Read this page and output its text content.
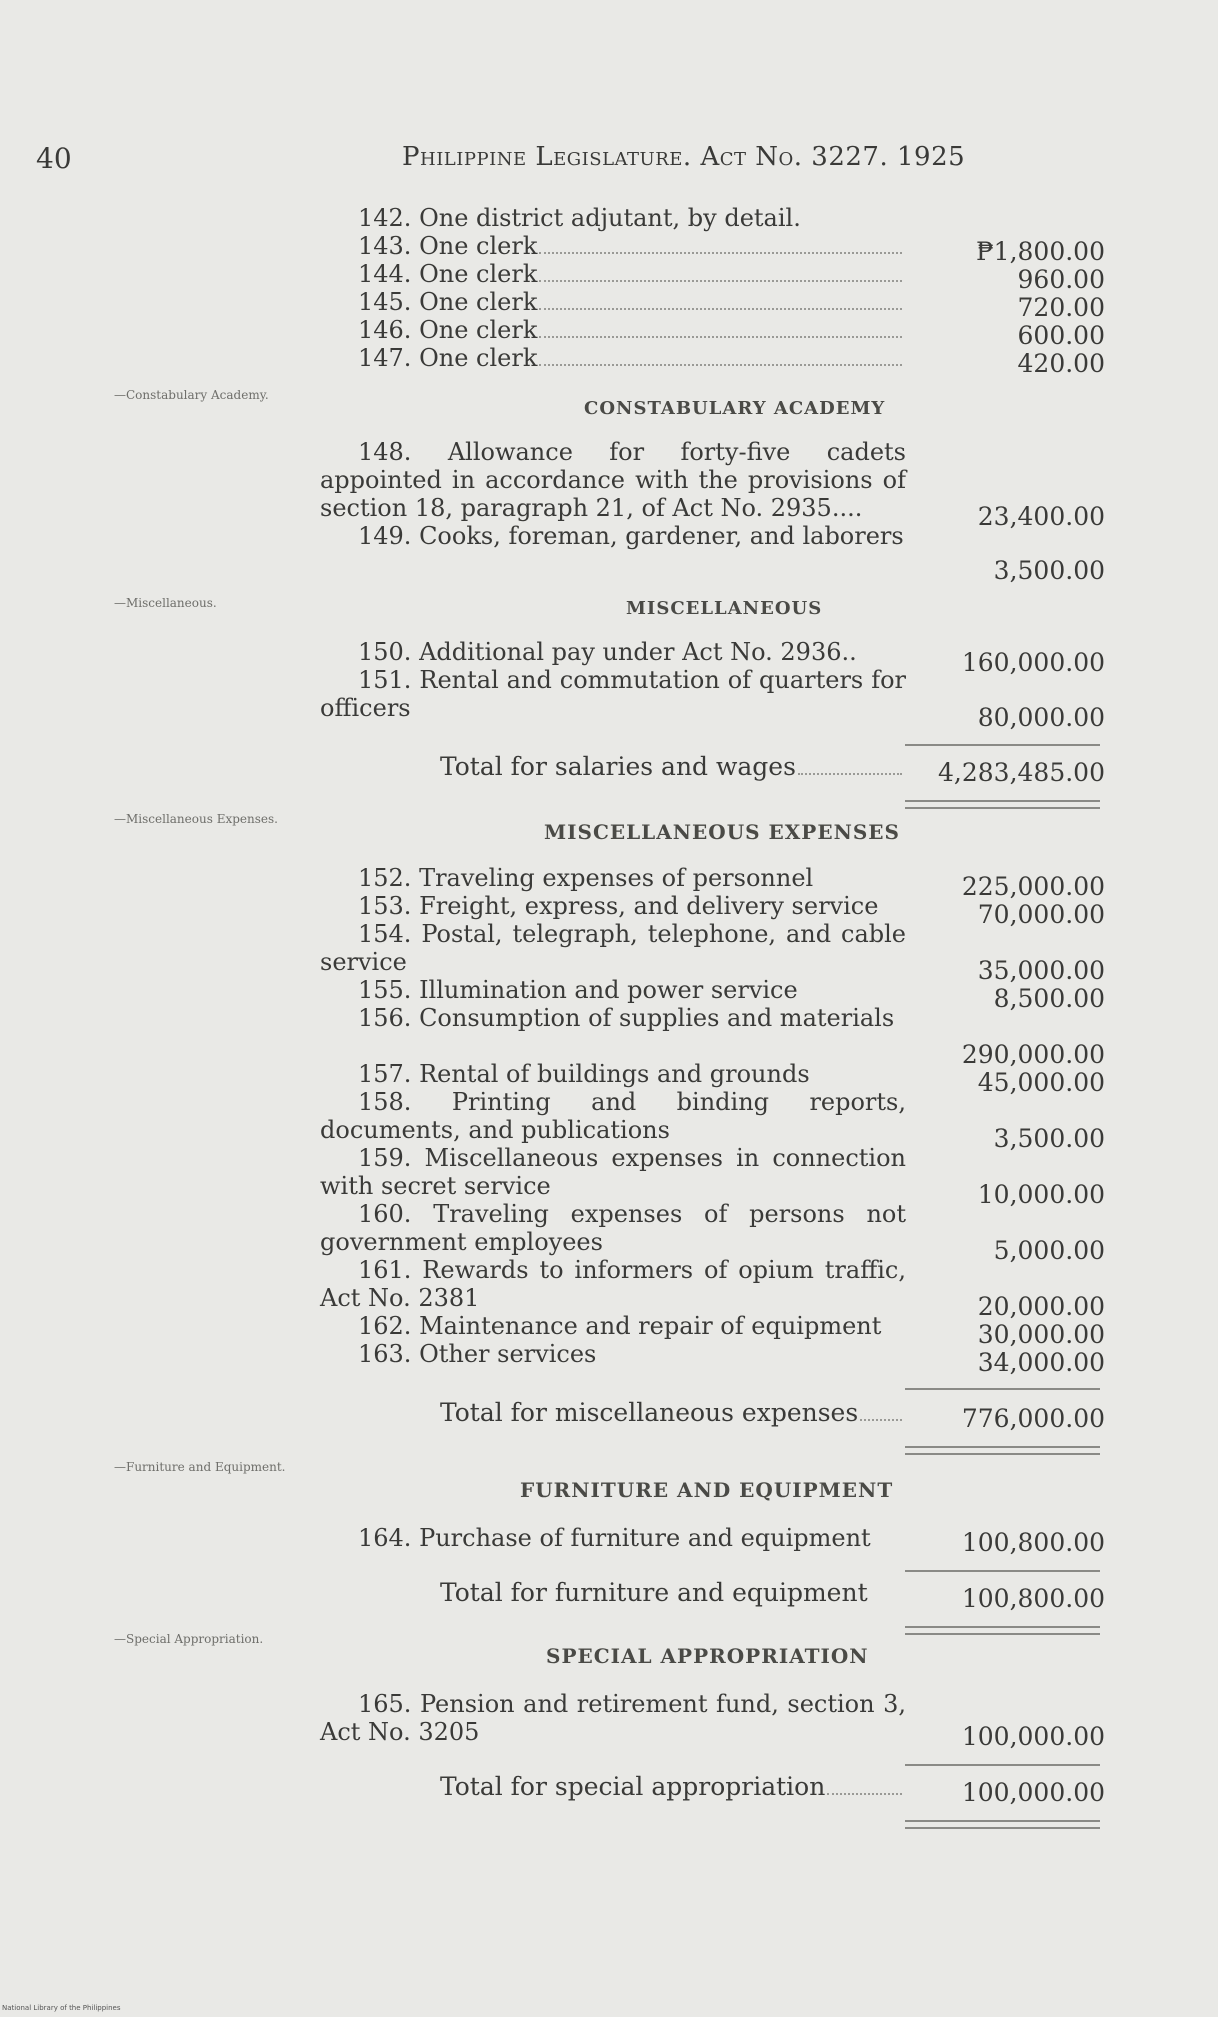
40	Philippine Legislature. Act No. 3227. 1925
142. One district adjutant, by detail.
143. One clerk	₱1,800.00
144. One clerk	960.00
145. One clerk	720.00
146. One clerk	600.00
147. One clerk	420.00
—Constabulary Academy.
CONSTABULARY ACADEMY
148. Allowance for forty-five cadets appointed in accordance with the provisions of section 18, paragraph 21, of Act No. 2935....	23,400.00
149. Cooks, foreman, gardener, and laborers
3,500.00
—Miscellaneous.	MISCELLANEOUS
150. Additional pay under Act No. 2936..	160,000.00
151. Rental and commutation of quarters for officers	80,000.00
Total for salaries and wages	4,283,485.00
—Miscellaneous Expenses.
MISCELLANEOUS EXPENSES
152. Traveling expenses of personnel	225,000.00
153. Freight, express, and delivery service	70,000.00
154. Postal, telegraph, telephone, and cable service	35,000.00
155. Illumination and power service	8,500.00
156. Consumption of supplies and materials
290,000.00
157. Rental of buildings and grounds	45,000.00
158. Printing and binding reports, documents, and publications	3,500.00
159. Miscellaneous expenses in connection with secret service	10,000.00
160. Traveling expenses of persons not government employees	5,000.00
161. Rewards to informers of opium traffic, Act No. 2381	20,000.00
162. Maintenance and repair of equipment	30,000.00
163. Other services	34,000.00
Total for miscellaneous expenses	776,000.00
—Furniture and Equipment.
FURNITURE AND EQUIPMENT
164. Purchase of furniture and equipment	100,800.00
Total for furniture and equipment	100,800.00
—Special Appropriation.
SPECIAL APPROPRIATION
165. Pension and retirement fund, section 3, Act No. 3205	100,000.00
Total for special appropriation	100,000.00
National Library of the Philippines
